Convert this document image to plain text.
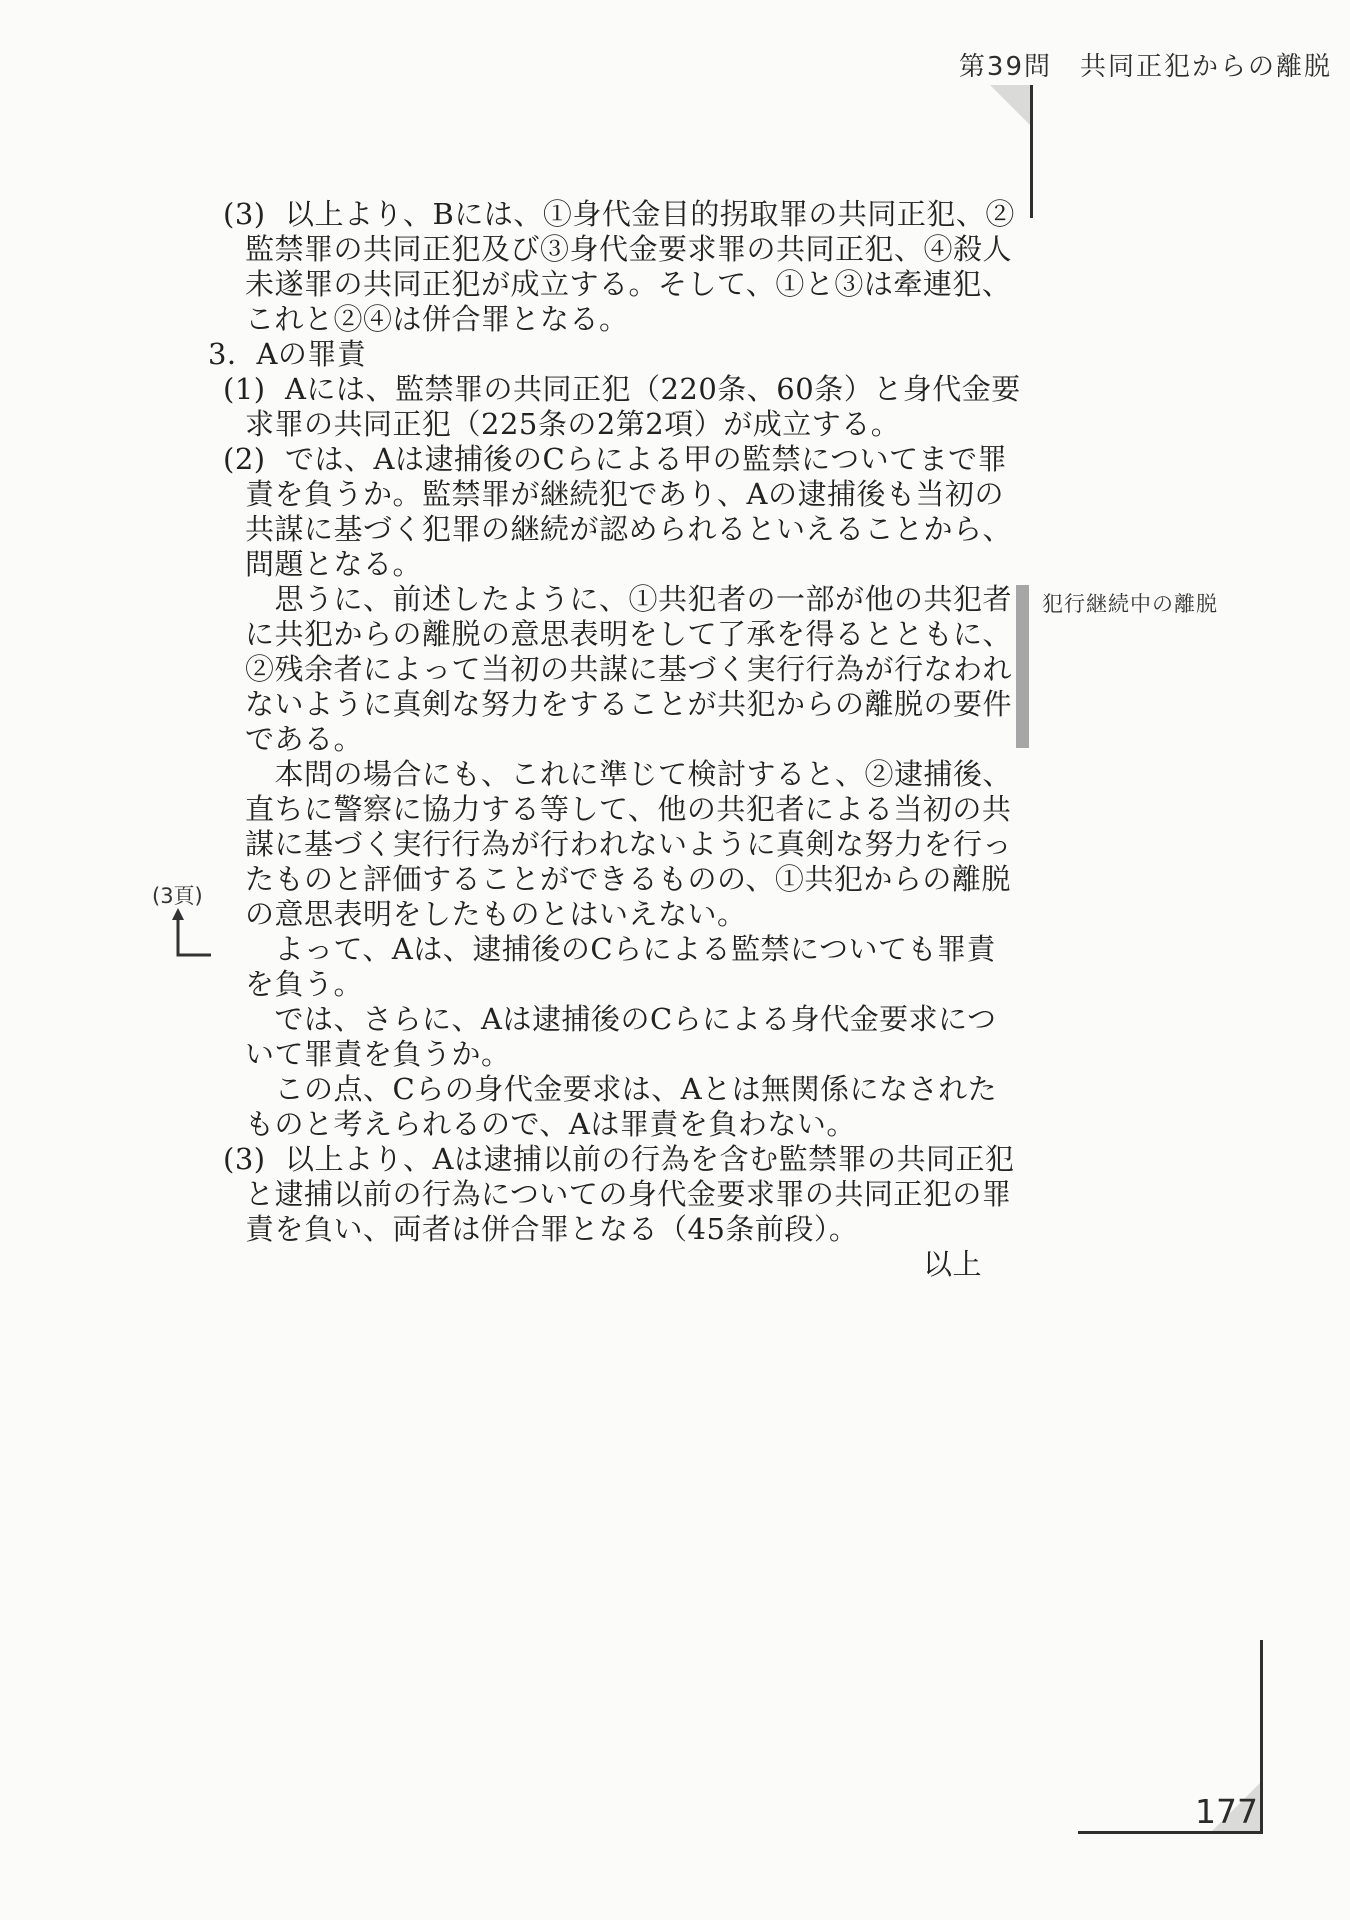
第39問　共同正犯からの離脱
(3)  以上より、Bには、①身代金目的拐取罪の共同正犯、②
監禁罪の共同正犯及び③身代金要求罪の共同正犯、④殺人
未遂罪の共同正犯が成立する。そして、①と③は牽連犯、
これと②④は併合罪となる。
3．Aの罪責
(1)  Aには、監禁罪の共同正犯（220条、60条）と身代金要
求罪の共同正犯（225条の2第2項）が成立する。
(2)  では、Aは逮捕後のCらによる甲の監禁についてまで罪
責を負うか。監禁罪が継続犯であり、Aの逮捕後も当初の
共謀に基づく犯罪の継続が認められるといえることから、
問題となる。
　思うに、前述したように、①共犯者の一部が他の共犯者
に共犯からの離脱の意思表明をして了承を得るとともに、
②残余者によって当初の共謀に基づく実行行為が行なわれ
ないように真剣な努力をすることが共犯からの離脱の要件
である。
　本問の場合にも、これに準じて検討すると、②逮捕後、
直ちに警察に協力する等して、他の共犯者による当初の共
謀に基づく実行行為が行われないように真剣な努力を行っ
たものと評価することができるものの、①共犯からの離脱
の意思表明をしたものとはいえない。
　よって、Aは、逮捕後のCらによる監禁についても罪責
を負う。
　では、さらに、Aは逮捕後のCらによる身代金要求につ
いて罪責を負うか。
　この点、Cらの身代金要求は、Aとは無関係になされた
ものと考えられるので、Aは罪責を負わない。
(3)  以上より、Aは逮捕以前の行為を含む監禁罪の共同正犯
と逮捕以前の行為についての身代金要求罪の共同正犯の罪
責を負い、両者は併合罪となる（45条前段）。
以上
犯行継続中の離脱
(3頁)
177
